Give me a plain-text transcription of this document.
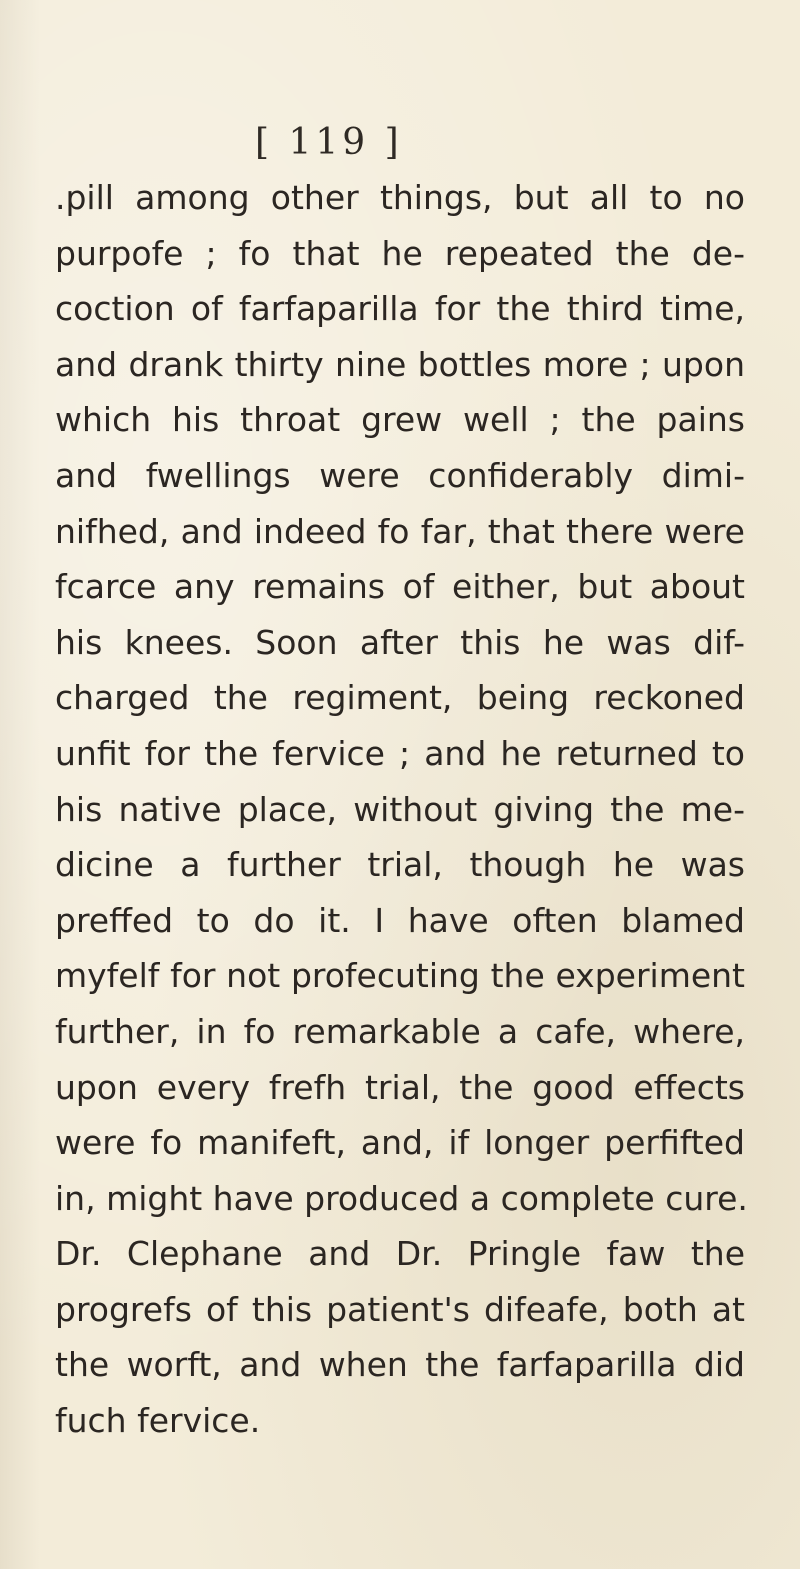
[ 119 ]
.pill among other things, but all to no
purpofe ; fo that he repeated the de-
coction of farfaparilla for the third time,
and drank thirty nine bottles more ; upon
which his throat grew well ; the pains
and fwellings were confiderably dimi-
nifhed, and indeed fo far, that there were
fcarce any remains of either, but about
his knees. Soon after this he was dif-
charged the regiment, being reckoned
unfit for the fervice ; and he returned to
his native place, without giving the me-
dicine a further trial, though he was
preffed to do it. I have often blamed
myfelf for not profecuting the experiment
further, in fo remarkable a cafe, where,
upon every frefh trial, the good effects
were fo manifeft, and, if longer perfifted
in, might have produced a complete cure.
Dr. Clephane and Dr. Pringle faw the
progrefs of this patient's difeafe, both at
the worft, and when the farfaparilla did
fuch fervice.
